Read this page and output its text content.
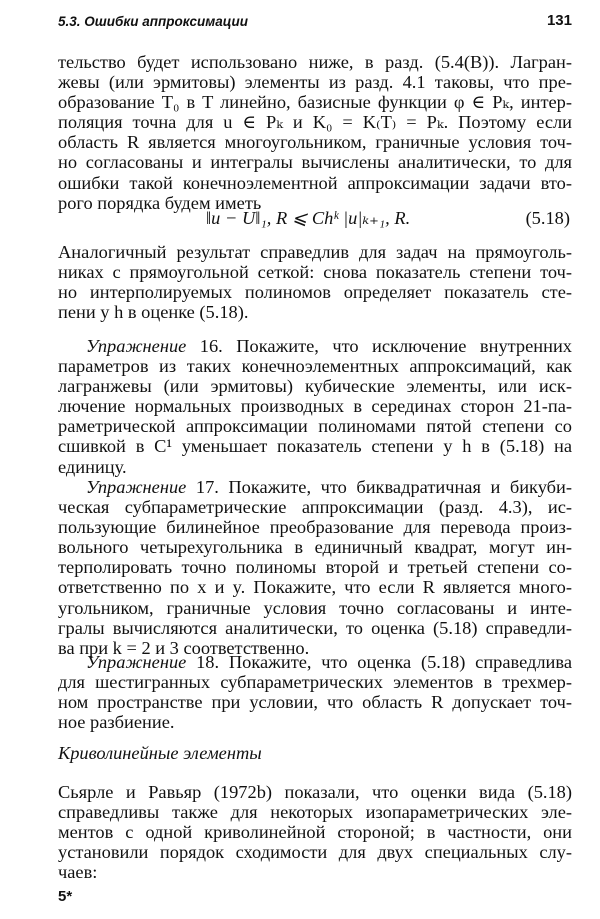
5.3. Ошибки аппроксимации	131
тельство будет использовано ниже, в разд. (5.4(B)). Лагран-
жевы (или эрмитовы) элементы из разд. 4.1 таковы, что пре-
образование T₀ в T линейно, базисные функции φ ∈ Pₖ, интер-
поляция точна для u ∈ Pₖ и K₀ = K₍T₎ = Pₖ. Поэтому если
область R является многоугольником, граничные условия точ-
но согласованы и интегралы вычислены аналитически, то для
ошибки такой конечноэлементной аппроксимации задачи вто-
рого порядка будем иметь
‖u − U‖₁, R ⩽ Chᵏ |u|ₖ₊₁, R.	(5.18)
Аналогичный результат справедлив для задач на прямоуголь-
никах с прямоугольной сеткой: снова показатель степени точ-
но интерполируемых полиномов определяет показатель сте-
пени у h в оценке (5.18).
Упражнение 16. Покажите, что исключение внутренних
параметров из таких конечноэлементных аппроксимаций, как
лагранжевы (или эрмитовы) кубические элементы, или иск-
лючение нормальных производных в серединах сторон 21-па-
раметрической аппроксимации полиномами пятой степени со
сшивкой в C¹ уменьшает показатель степени у h в (5.18) на
единицу.
Упражнение 17. Покажите, что биквадратичная и бикуби-
ческая субпараметрические аппроксимации (разд. 4.3), ис-
пользующие билинейное преобразование для перевода произ-
вольного четырехугольника в единичный квадрат, могут ин-
терполировать точно полиномы второй и третьей степени со-
ответственно по x и y. Покажите, что если R является много-
угольником, граничные условия точно согласованы и инте-
гралы вычисляются аналитически, то оценка (5.18) справедли-
ва при k = 2 и 3 соответственно.
Упражнение 18. Покажите, что оценка (5.18) справедлива
для шестигранных субпараметрических элементов в трехмер-
ном пространстве при условии, что область R допускает точ-
ное разбиение.
Криволинейные элементы
Сьярле и Равьяр (1972b) показали, что оценки вида (5.18)
справедливы также для некоторых изопараметрических эле-
ментов с одной криволинейной стороной; в частности, они
установили порядок сходимости для двух специальных слу-
чаев:
5*
